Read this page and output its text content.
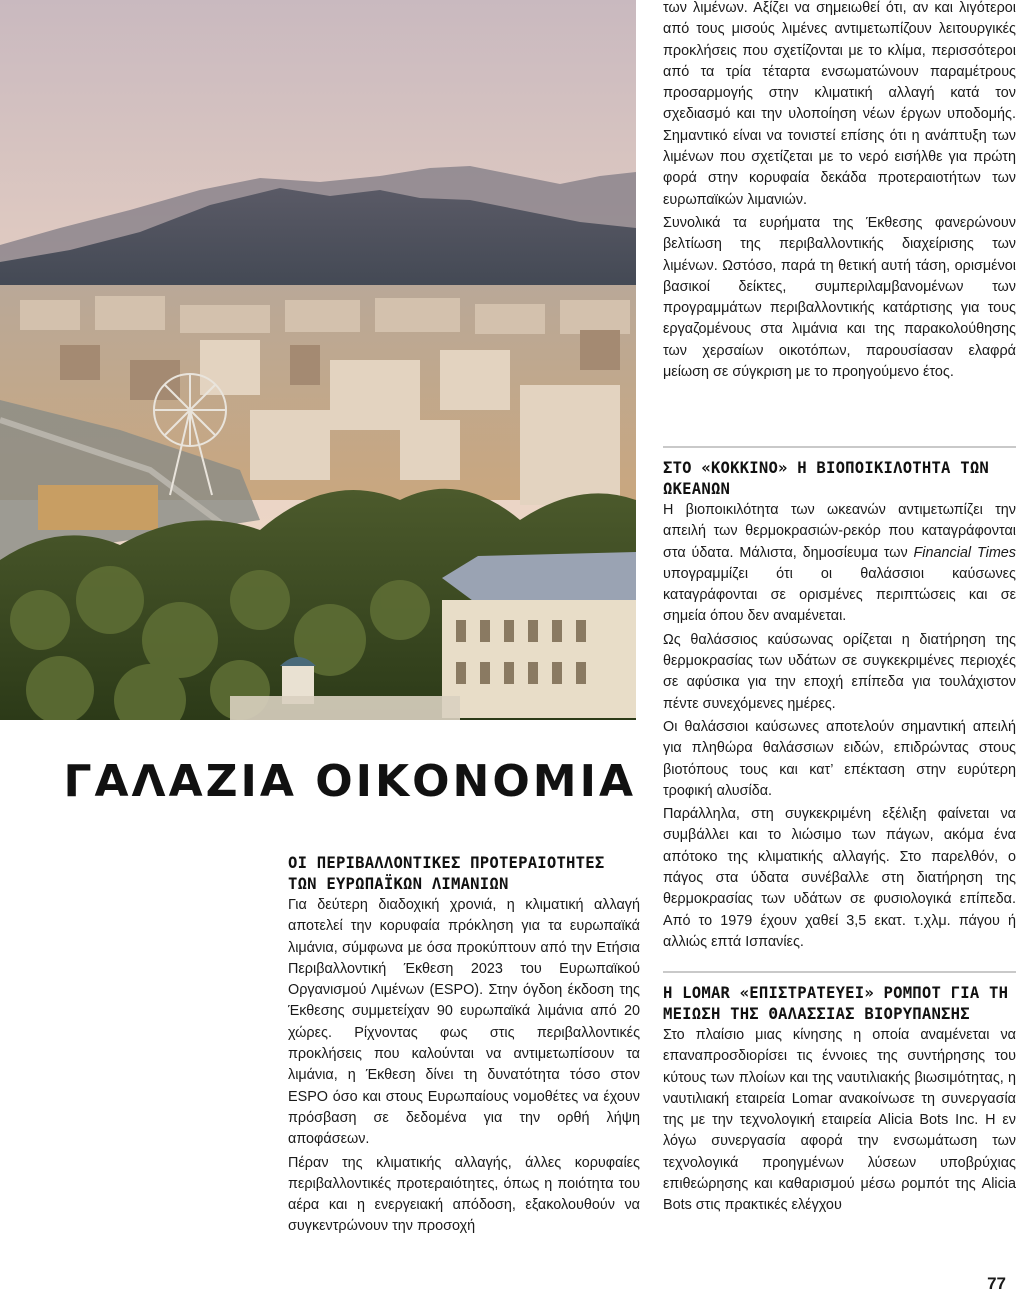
ΓΑΛΑΖΙΑ ΟΙΚΟΝΟΜΙΑ
ΟΙ ΠΕΡΙΒΑΛΛΟΝΤΙΚΕΣ ΠΡΟΤΕΡΑΙΟΤΗΤΕΣ ΤΩΝ ΕΥΡΩΠΑΪΚΩΝ ΛΙΜΑΝΙΩΝ

Για δεύτερη διαδοχική χρονιά, η κλιματική αλλαγή αποτελεί την κορυφαία πρόκληση για τα ευρωπαϊκά λιμάνια, σύμφωνα με όσα προκύπτουν από την Ετήσια Περιβαλλοντική Έκθεση 2023 του Ευρωπαϊκού Οργανισμού Λιμένων (ESPO). Στην όγδοη έκδοση της Έκθεσης συμμετείχαν 90 ευρωπαϊκά λιμάνια από 20 χώρες. Ρίχνοντας φως στις περιβαλλοντικές προκλήσεις που καλούνται να αντιμετωπίσουν τα λιμάνια, η Έκθεση δίνει τη δυνατότητα τόσο στον ESPO όσο και στους Ευρωπαίους νομοθέτες να έχουν πρόσβαση σε δεδομένα για την ορθή λήψη αποφάσεων.

Πέραν της κλιματικής αλλαγής, άλλες κορυφαίες περιβαλλοντικές προτεραιότητες, όπως η ποιότητα του αέρα και η ενεργειακή απόδοση, εξακολουθούν να συγκεντρώνουν την προσοχή

των λιμένων. Αξίζει να σημειωθεί ότι, αν και λιγότεροι από τους μισούς λιμένες αντιμετωπίζουν λειτουργικές προκλήσεις που σχετίζονται με το κλίμα, περισσότεροι από τα τρία τέταρτα ενσωματώνουν παραμέτρους προσαρμογής στην κλιματική αλλαγή κατά τον σχεδιασμό και την υλοποίηση νέων έργων υποδομής. Σημαντικό είναι να τονιστεί επίσης ότι η ανάπτυξη των λιμένων που σχετίζεται με το νερό εισήλθε για πρώτη φορά στην κορυφαία δεκάδα προτεραιοτήτων των ευρωπαϊκών λιμανιών.

Συνολικά τα ευρήματα της Έκθεσης φανερώνουν βελτίωση της περιβαλλοντικής διαχείρισης των λιμένων. Ωστόσο, παρά τη θετική αυτή τάση, ορισμένοι βασικοί δείκτες, συμπεριλαμβανομένων των προγραμμάτων περιβαλλοντικής κατάρτισης για τους εργαζομένους στα λιμάνια και της παρακολούθησης των χερσαίων οικοτόπων, παρουσίασαν ελαφρά μείωση σε σύγκριση με το προηγούμενο έτος.

ΣΤΟ «ΚΟΚΚΙΝΟ» Η ΒΙΟΠΟΙΚΙΛΟΤΗΤΑ ΤΩΝ ΩΚΕΑΝΩΝ

Η βιοποικιλότητα των ωκεανών αντιμετωπίζει την απειλή των θερμοκρασιών-ρεκόρ που καταγράφονται στα ύδατα. Μάλιστα, δημοσίευμα των Financial Times υπογραμμίζει ότι οι θαλάσσιοι καύσωνες καταγράφονται σε ορισμένες περιπτώσεις και σε σημεία όπου δεν αναμένεται.

Ως θαλάσσιος καύσωνας ορίζεται η διατήρηση της θερμοκρασίας των υδάτων σε συγκεκριμένες περιοχές σε αφύσικα για την εποχή επίπεδα για τουλάχιστον πέντε συνεχόμενες ημέρες.

Οι θαλάσσιοι καύσωνες αποτελούν σημαντική απειλή για πληθώρα θαλάσσιων ειδών, επιδρώντας στους βιοτόπους τους και κατ’ επέκταση στην ευρύτερη τροφική αλυσίδα.

Παράλληλα, στη συγκεκριμένη εξέλιξη φαίνεται να συμβάλλει και το λιώσιμο των πάγων, ακόμα ένα απότοκο της κλιματικής αλλαγής. Στο παρελθόν, ο πάγος στα ύδατα συνέβαλλε στη διατήρηση της θερμοκρασίας των υδάτων σε φυσιολογικά επίπεδα. Από το 1979 έχουν χαθεί 3,5 εκατ. τ.χλμ. πάγου ή αλλιώς επτά Ισπανίες.

Η LOMAR «ΕΠΙΣΤΡΑΤΕΥΕΙ» ΡΟΜΠΟΤ ΓΙΑ ΤΗ ΜΕΙΩΣΗ ΤΗΣ ΘΑΛΑΣΣΙΑΣ ΒΙΟΡΥΠΑΝΣΗΣ

Στο πλαίσιο μιας κίνησης η οποία αναμένεται να επαναπροσδιορίσει τις έννοιες της συντήρησης του κύτους των πλοίων και της ναυτιλιακής βιωσιμότητας, η ναυτιλιακή εταιρεία Lomar ανακοίνωσε τη συνεργασία της με την τεχνολογική εταιρεία Alicia Bots Inc. Η εν λόγω συνεργασία αφορά την ενσωμάτωση των τεχνολογικά προηγμένων λύσεων υποβρύχιας επιθεώρησης και καθαρισμού μέσω ρομπότ της Alicia Bots στις πρακτικές ελέγχου

77
